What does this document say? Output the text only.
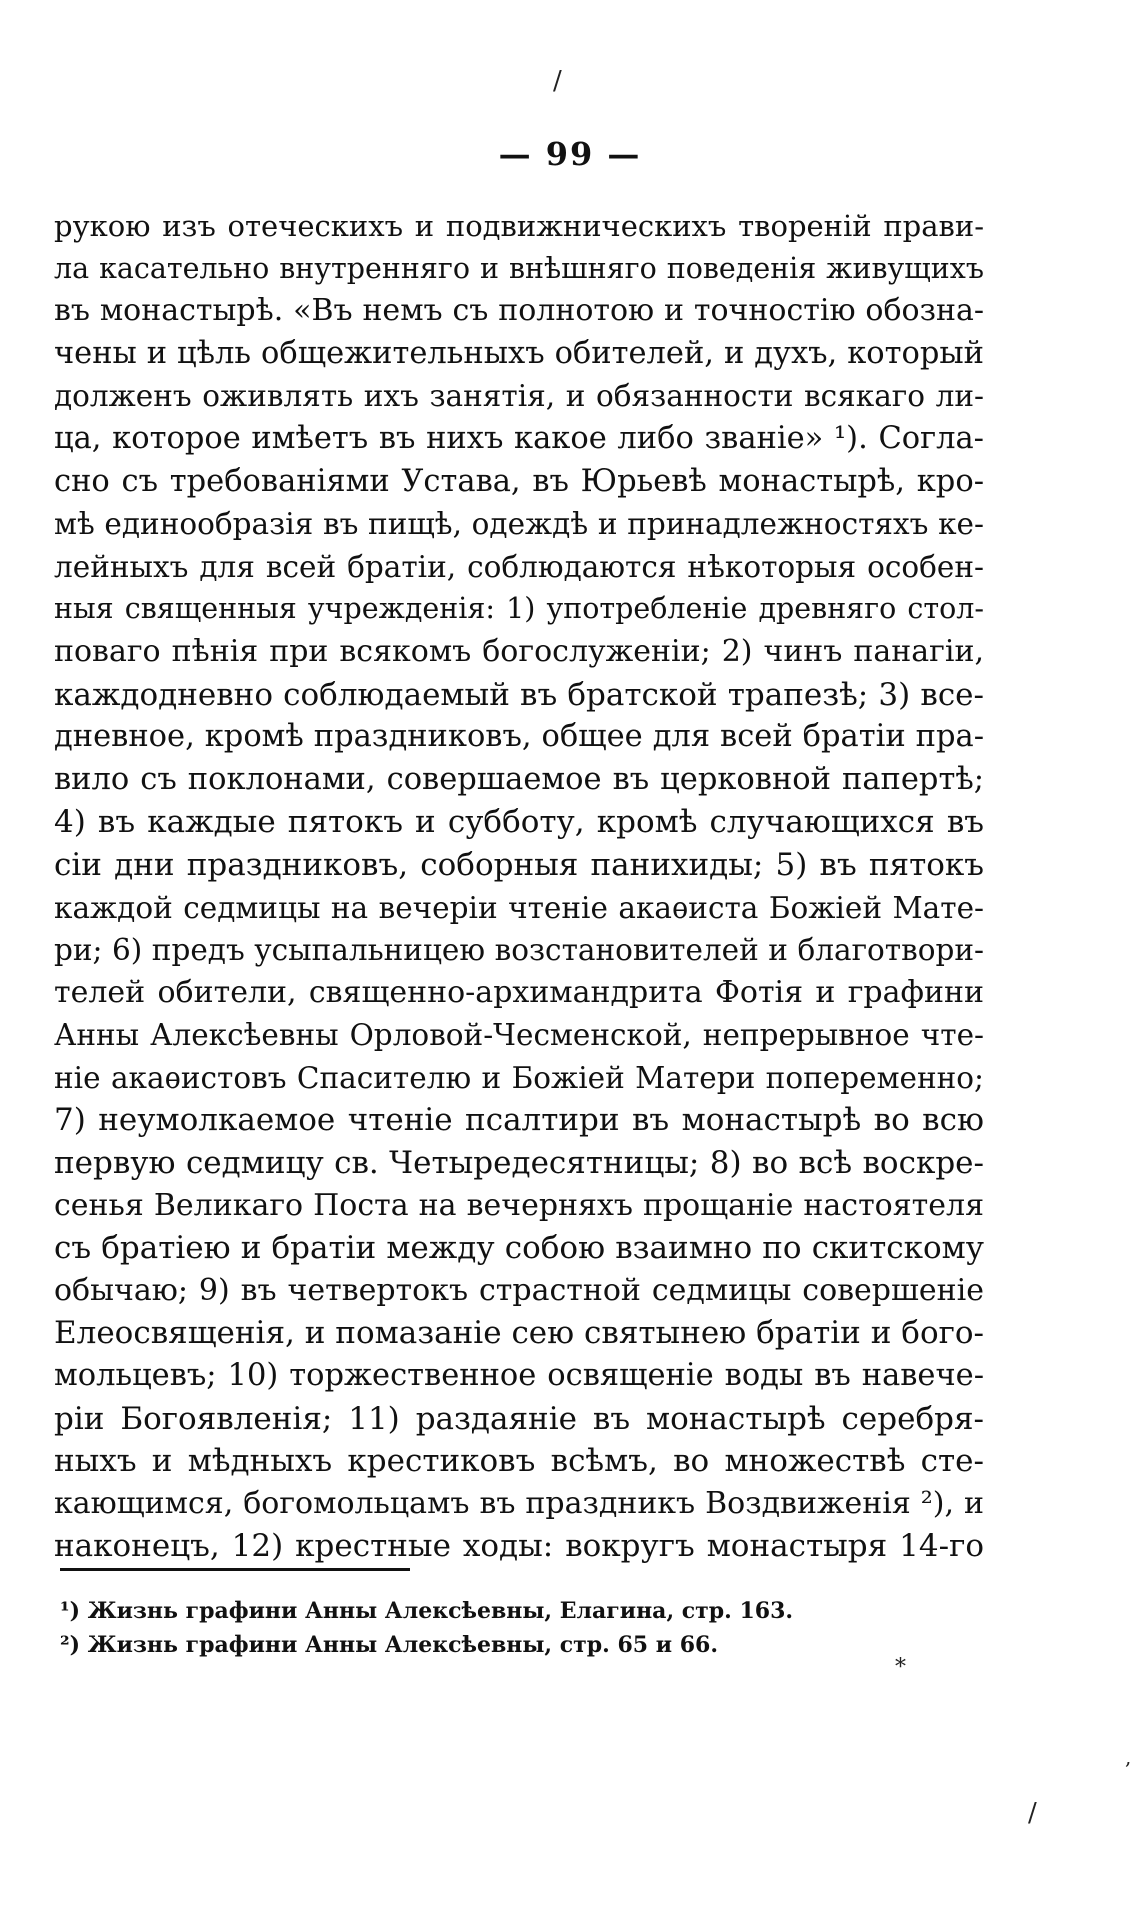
/
— 99 —
рукою изъ отеческихъ и подвижническихъ твореній прави-
ла касательно внутренняго и внѣшняго поведенія живущихъ
въ монастырѣ. «Въ немъ съ полнотою и точностію обозна-
чены и цѣль общежительныхъ обителей, и духъ, который
долженъ оживлять ихъ занятія, и обязанности всякаго ли-
ца, которое имѣетъ въ нихъ какое либо званіе» ¹). Согла-
сно съ требованіями Устава, въ Юрьевѣ монастырѣ, кро-
мѣ единообразія въ пищѣ, одеждѣ и принадлежностяхъ ке-
лейныхъ для всей братіи, соблюдаются нѣкоторыя особен-
ныя священныя учрежденія: 1) употребленіе древняго стол-
поваго пѣнія при всякомъ богослуженіи; 2) чинъ панагіи,
каждодневно соблюдаемый въ братской трапезѣ; 3) все-
дневное, кромѣ праздниковъ, общее для всей братіи пра-
вило съ поклонами, совершаемое въ церковной папертѣ;
4) въ каждые пятокъ и субботу, кромѣ случающихся въ
сіи дни праздниковъ, соборныя панихиды; 5) въ пятокъ
каждой седмицы на вечеріи чтеніе акаѳиста Божіей Мате-
ри; 6) предъ усыпальницею возстановителей и благотвори-
телей обители, священно-архимандрита Фотія и графини
Анны Алексѣевны Орловой-Чесменской, непрерывное чте-
ніе акаѳистовъ Спасителю и Божіей Матери попеременно;
7) неумолкаемое чтеніе псалтири въ монастырѣ во всю
первую седмицу св. Четыредесятницы; 8) во всѣ воскре-
сенья Великаго Поста на вечерняхъ прощаніе настоятеля
съ братіею и братіи между собою взаимно по скитскому
обычаю; 9) въ четвертокъ страстной седмицы совершеніе
Елеосвященія, и помазаніе сею святынею братіи и бого-
мольцевъ; 10) торжественное освященіе воды въ навече-
ріи Богоявленія; 11) раздаяніе въ монастырѣ серебря-
ныхъ и мѣдныхъ крестиковъ всѣмъ, во множествѣ сте-
кающимся, богомольцамъ въ праздникъ Воздвиженія ²), и
наконецъ, 12) крестные ходы: вокругъ монастыря 14-го
¹) Жизнь графини Анны Алексѣевны, Елагина, стр. 163.
²) Жизнь графини Анны Алексѣевны, стр. 65 и 66.
*
,
/
